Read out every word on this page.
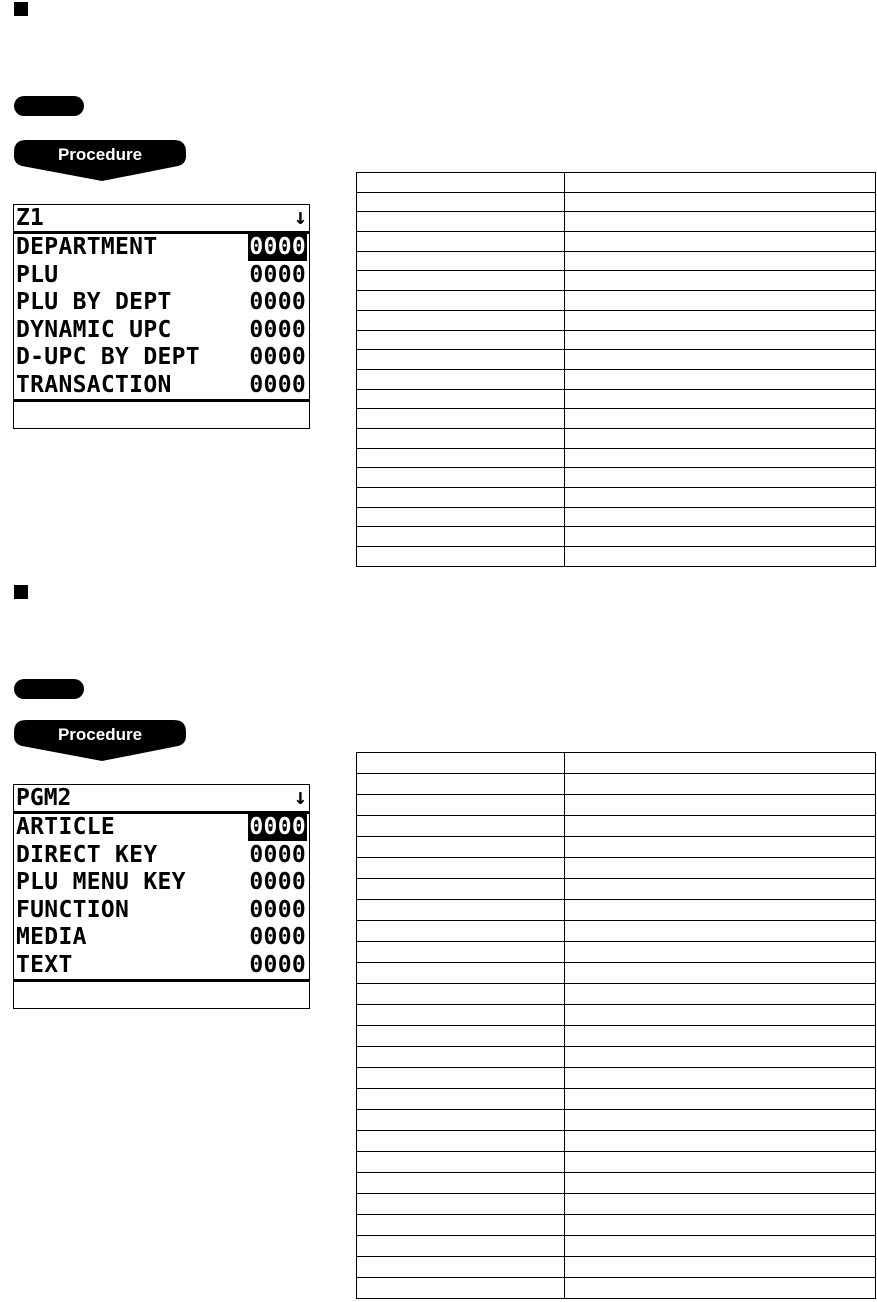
Procedure
Z1	↓
DEPARTMENT	0000
PLU	0000
PLU BY DEPT	0000
DYNAMIC UPC	0000
D-UPC BY DEPT 0000
TRANSACTION	0000

Procedure
PGM2	↓
ARTICLE	0000
DIRECT KEY	0000
PLU MENU KEY	0000
FUNCTION	0000
MEDIA	0000
TEXT	0000
